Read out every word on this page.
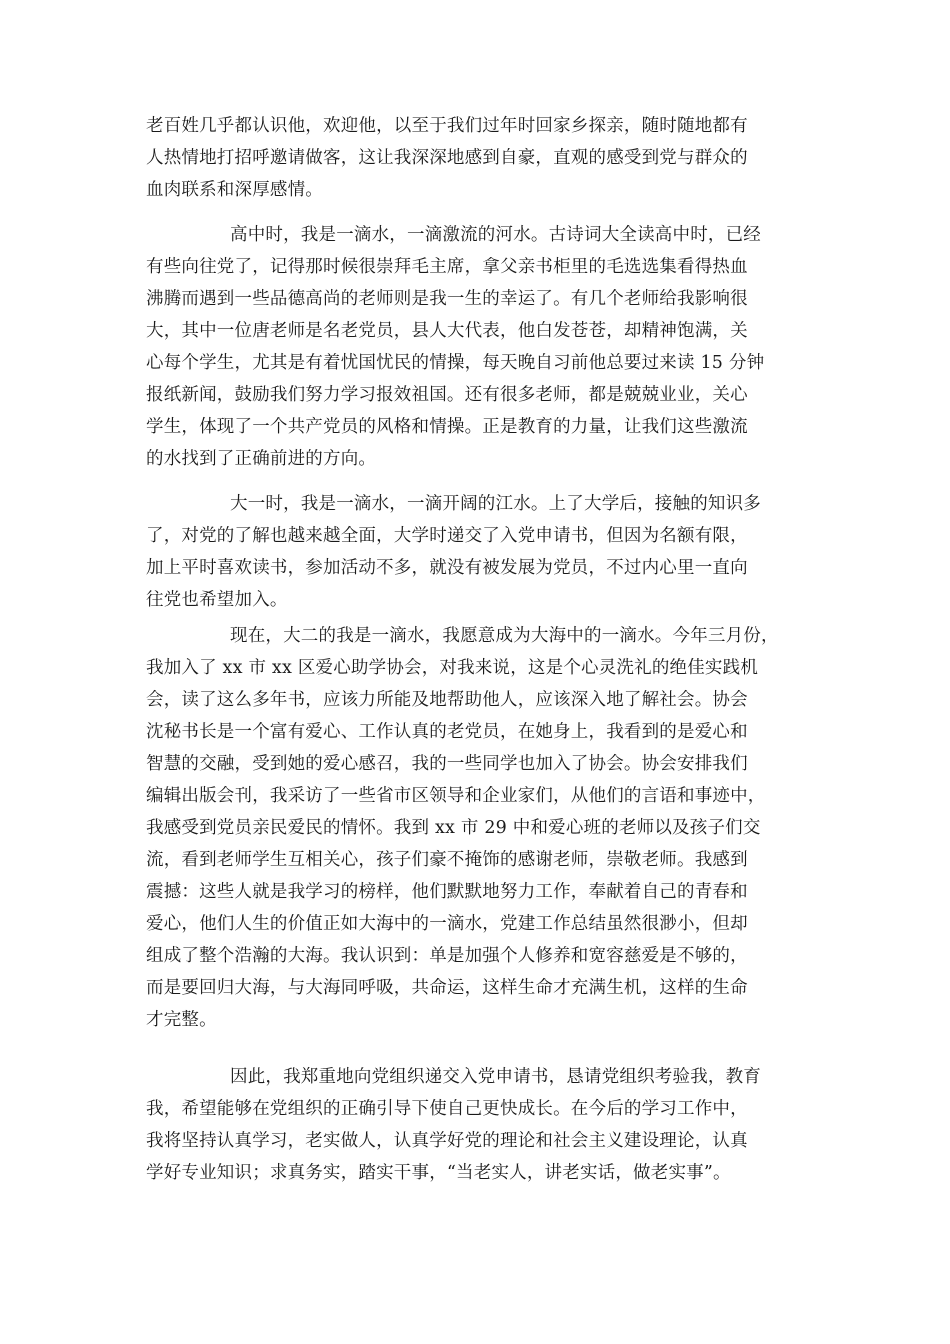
老百姓几乎都认识他，欢迎他，以至于我们过年时回家乡探亲，随时随地都有
人热情地打招呼邀请做客，这让我深深地感到自豪，直观的感受到党与群众的
血肉联系和深厚感情。
高中时，我是一滴水，一滴激流的河水。古诗词大全读高中时，已经
有些向往党了，记得那时候很崇拜毛主席，拿父亲书柜里的毛选选集看得热血
沸腾而遇到一些品德高尚的老师则是我一生的幸运了。有几个老师给我影响很
大，其中一位唐老师是名老党员，县人大代表，他白发苍苍，却精神饱满，关
心每个学生，尤其是有着忧国忧民的情操，每天晚自习前他总要过来读 15 分钟
报纸新闻，鼓励我们努力学习报效祖国。还有很多老师，都是兢兢业业，关心
学生，体现了一个共产党员的风格和情操。正是教育的力量，让我们这些激流
的水找到了正确前进的方向。
大一时，我是一滴水，一滴开阔的江水。上了大学后，接触的知识多
了，对党的了解也越来越全面，大学时递交了入党申请书，但因为名额有限，
加上平时喜欢读书，参加活动不多，就没有被发展为党员，不过内心里一直向
往党也希望加入。
现在，大二的我是一滴水，我愿意成为大海中的一滴水。今年三月份，
我加入了 xx 市 xx 区爱心助学协会，对我来说，这是个心灵洗礼的绝佳实践机
会，读了这么多年书，应该力所能及地帮助他人，应该深入地了解社会。协会
沈秘书长是一个富有爱心、工作认真的老党员，在她身上，我看到的是爱心和
智慧的交融，受到她的爱心感召，我的一些同学也加入了协会。协会安排我们
编辑出版会刊，我采访了一些省市区领导和企业家们，从他们的言语和事迹中，
我感受到党员亲民爱民的情怀。我到 xx 市 29 中和爱心班的老师以及孩子们交
流，看到老师学生互相关心，孩子们豪不掩饰的感谢老师，崇敬老师。我感到
震撼：这些人就是我学习的榜样，他们默默地努力工作，奉献着自己的青春和
爱心，他们人生的价值正如大海中的一滴水，党建工作总结虽然很渺小，但却
组成了整个浩瀚的大海。我认识到：单是加强个人修养和宽容慈爱是不够的，
而是要回归大海，与大海同呼吸，共命运，这样生命才充满生机，这样的生命
才完整。
因此，我郑重地向党组织递交入党申请书，恳请党组织考验我，教育
我，希望能够在党组织的正确引导下使自己更快成长。在今后的学习工作中，
我将坚持认真学习，老实做人，认真学好党的理论和社会主义建设理论，认真
学好专业知识；求真务实，踏实干事，“当老实人，讲老实话，做老实事”。
